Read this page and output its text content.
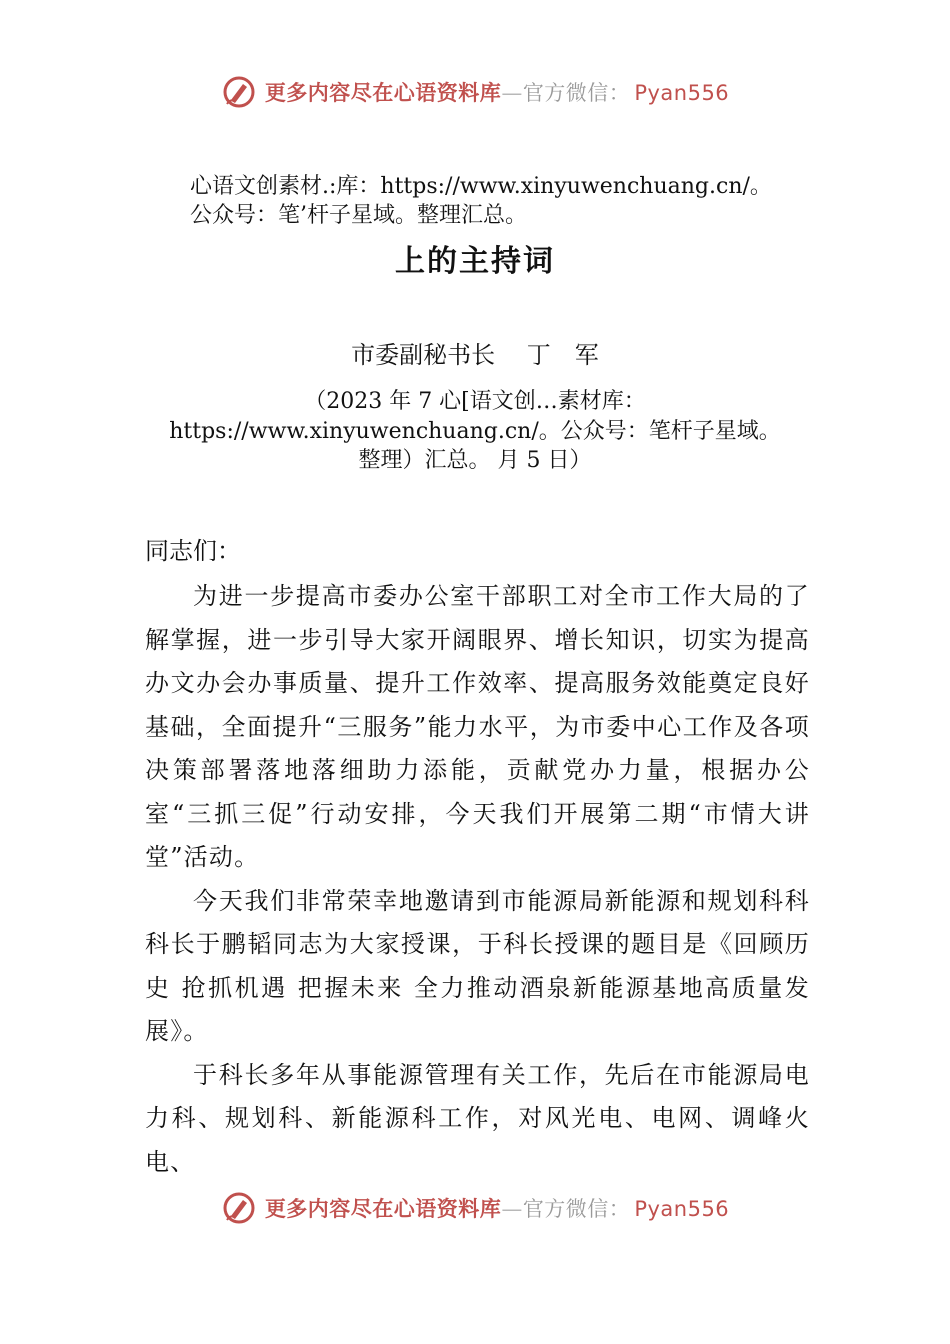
更多内容尽在心语资料库—官方微信： Pyan556
心语文创素材.:库：https://www.xinyuwenchuang.cn/。
公众号：笔’杆子星域。整理汇总。
上的主持词
市委副秘书长　 丁　军
（2023 年 7 心[语文创…素材库：
https://www.xinyuwenchuang.cn/。公众号：笔杆子星域。
整理）汇总。 月 5 日）
同志们：

为进一步提高市委办公室干部职工对全市工作大局的了解掌握，进一步引导大家开阔眼界、增长知识，切实为提高办文办会办事质量、提升工作效率、提高服务效能奠定良好基础，全面提升“三服务”能力水平，为市委中心工作及各项决策部署落地落细助力添能，贡献党办力量，根据办公室“三抓三促”行动安排，今天我们开展第二期“市情大讲堂”活动。

今天我们非常荣幸地邀请到市能源局新能源和规划科科科长于鹏韬同志为大家授课，于科长授课的题目是《回顾历史 抢抓机遇 把握未来 全力推动酒泉新能源基地高质量发展》。

于科长多年从事能源管理有关工作，先后在市能源局电力科、规划科、新能源科工作，对风光电、电网、调峰火电、

更多内容尽在心语资料库—官方微信： Pyan556
